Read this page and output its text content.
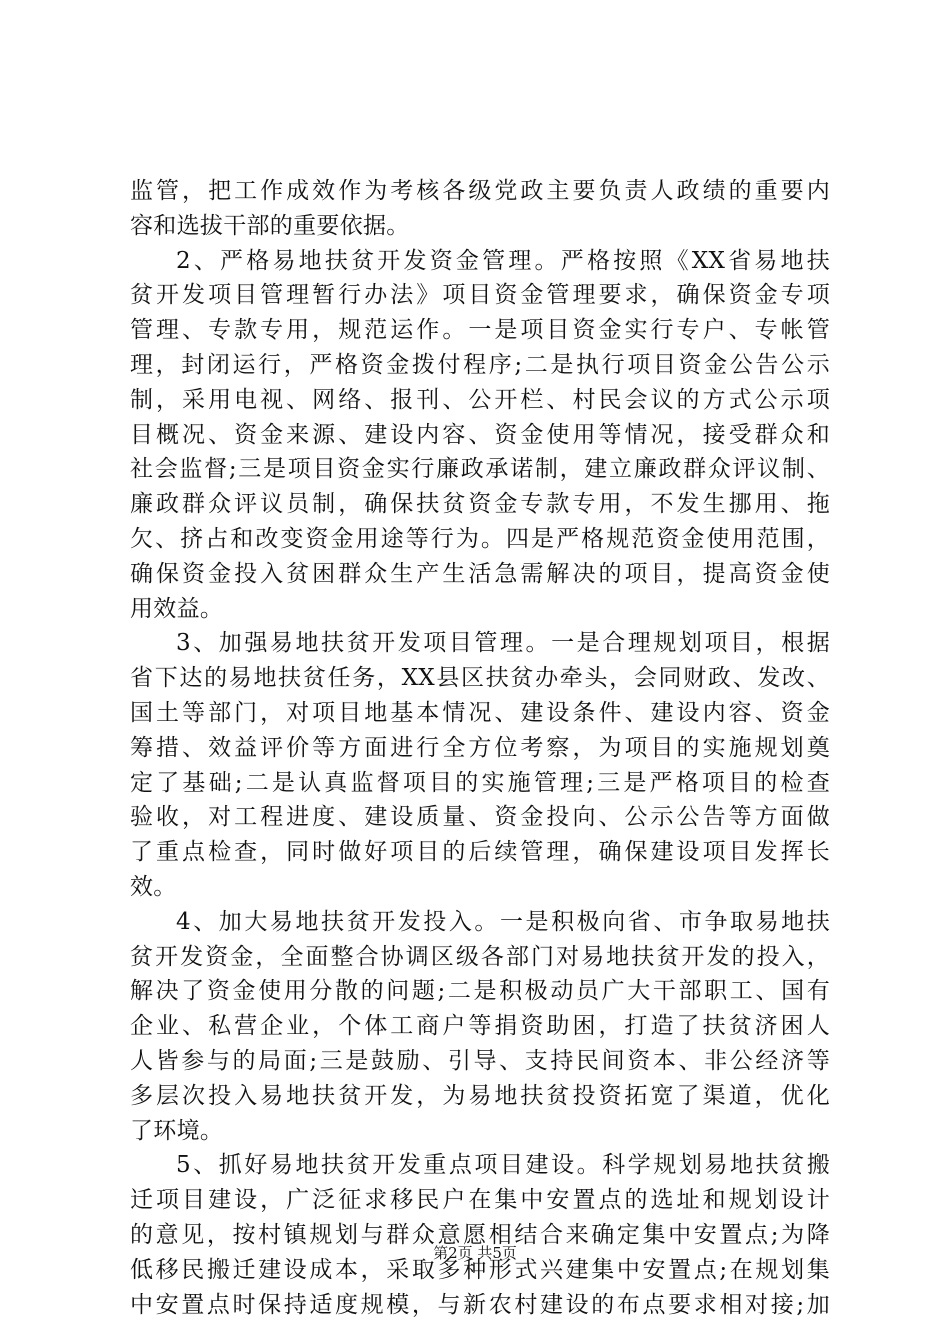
监管，把工作成效作为考核各级党政主要负责人政绩的重要内
容和选拔干部的重要依据。
2、严格易地扶贫开发资金管理。严格按照《XX省易地扶
贫开发项目管理暂行办法》项目资金管理要求，确保资金专项
管理、专款专用，规范运作。一是项目资金实行专户、专帐管
理，封闭运行，严格资金拨付程序;二是执行项目资金公告公示
制，采用电视、网络、报刊、公开栏、村民会议的方式公示项
目概况、资金来源、建设内容、资金使用等情况，接受群众和
社会监督;三是项目资金实行廉政承诺制，建立廉政群众评议制、
廉政群众评议员制，确保扶贫资金专款专用，不发生挪用、拖
欠、挤占和改变资金用途等行为。四是严格规范资金使用范围，
确保资金投入贫困群众生产生活急需解决的项目，提高资金使
用效益。
3、加强易地扶贫开发项目管理。一是合理规划项目，根据
省下达的易地扶贫任务，XX县区扶贫办牵头，会同财政、发改、
国土等部门，对项目地基本情况、建设条件、建设内容、资金
筹措、效益评价等方面进行全方位考察，为项目的实施规划奠
定了基础;二是认真监督项目的实施管理;三是严格项目的检查
验收，对工程进度、建设质量、资金投向、公示公告等方面做
了重点检查，同时做好项目的后续管理，确保建设项目发挥长
效。
4、加大易地扶贫开发投入。一是积极向省、市争取易地扶
贫开发资金，全面整合协调区级各部门对易地扶贫开发的投入，
解决了资金使用分散的问题;二是积极动员广大干部职工、国有
企业、私营企业，个体工商户等捐资助困，打造了扶贫济困人
人皆参与的局面;三是鼓励、引导、支持民间资本、非公经济等
多层次投入易地扶贫开发，为易地扶贫投资拓宽了渠道，优化
了环境。
5、抓好易地扶贫开发重点项目建设。科学规划易地扶贫搬
迁项目建设，广泛征求移民户在集中安置点的选址和规划设计
的意见，按村镇规划与群众意愿相结合来确定集中安置点;为降
低移民搬迁建设成本，采取多种形式兴建集中安置点;在规划集
中安置点时保持适度规模，与新农村建设的布点要求相对接;加
第2页 共5页
